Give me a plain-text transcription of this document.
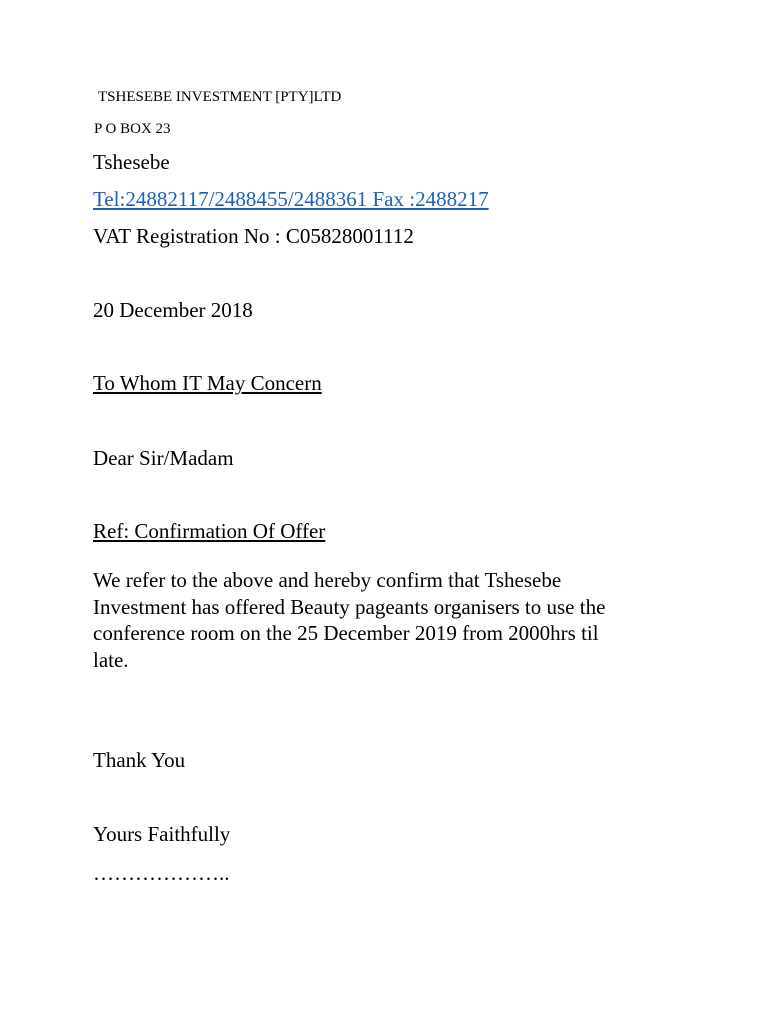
TSHESEBE INVESTMENT [PTY]LTD
P O BOX 23
Tshesebe
Tel:24882117/2488455/2488361 Fax :2488217
VAT Registration No : C05828001112
20 December 2018
To Whom IT May Concern
Dear Sir/Madam
Ref: Confirmation Of Offer
We refer to the above and hereby confirm that Tshesebe
Investment has offered Beauty pageants organisers to use the
conference room on the 25 December 2019 from 2000hrs til
late.
Thank You
Yours Faithfully
………………..
